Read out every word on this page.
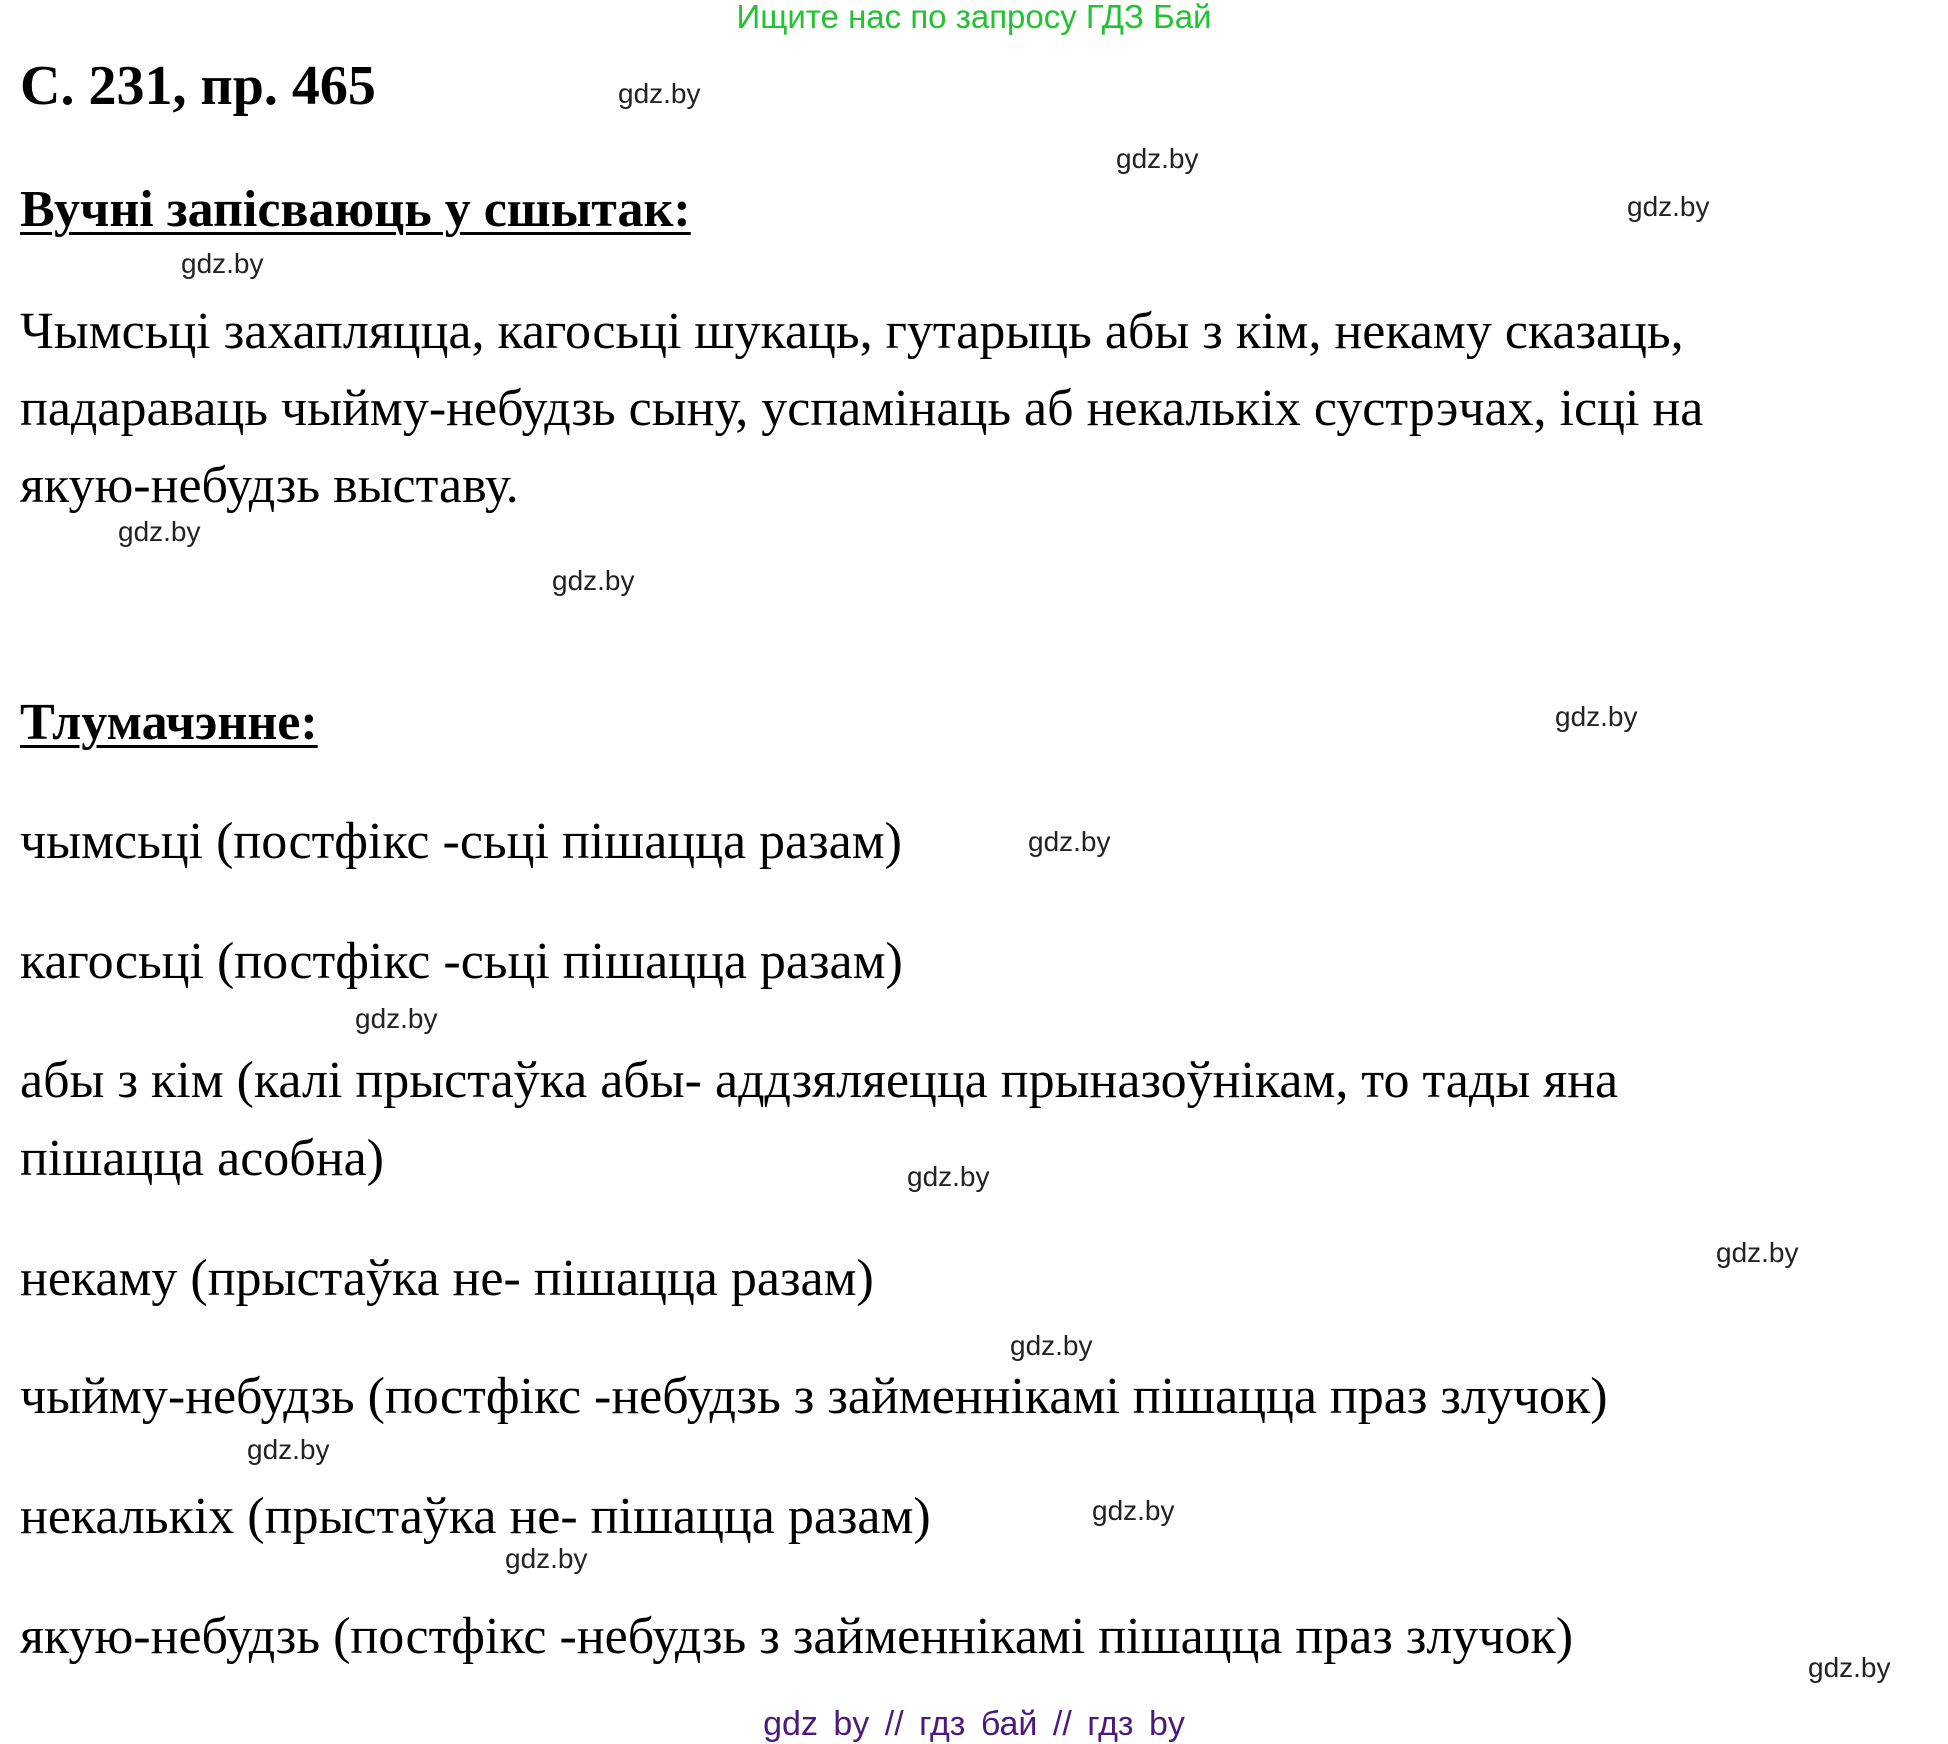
Ищите нас по запросу ГДЗ Бай
С. 231, пр. 465
Вучні запісваюць у сшытак:
Чымсьці захапляцца, кагосьці шукаць, гутарыць абы з кім, некаму сказаць,
падараваць чыйму-небудзь сыну, успамінаць аб некалькіх сустрэчах, ісці на
якую-небудзь выставу.
Тлумачэнне:
чымсьці (постфікс -сьці пішацца разам)
кагосьці (постфікс -сьці пішацца разам)
абы з кім (калі прыстаўка абы- аддзяляецца прыназоўнікам, то тады яна
пішацца асобна)
некаму (прыстаўка не- пішацца разам)
чыйму-небудзь (постфікс -небудзь з займеннікамі пішацца праз злучок)
некалькіх (прыстаўка не- пішацца разам)
якую-небудзь (постфікс -небудзь з займеннікамі пішацца праз злучок)
gdz.by
gdz.by
gdz.by
gdz.by
gdz.by
gdz.by
gdz.by
gdz.by
gdz.by
gdz.by
gdz.by
gdz.by
gdz.by
gdz.by
gdz.by
gdz.by
gdz by // гдз бай // гдз by
